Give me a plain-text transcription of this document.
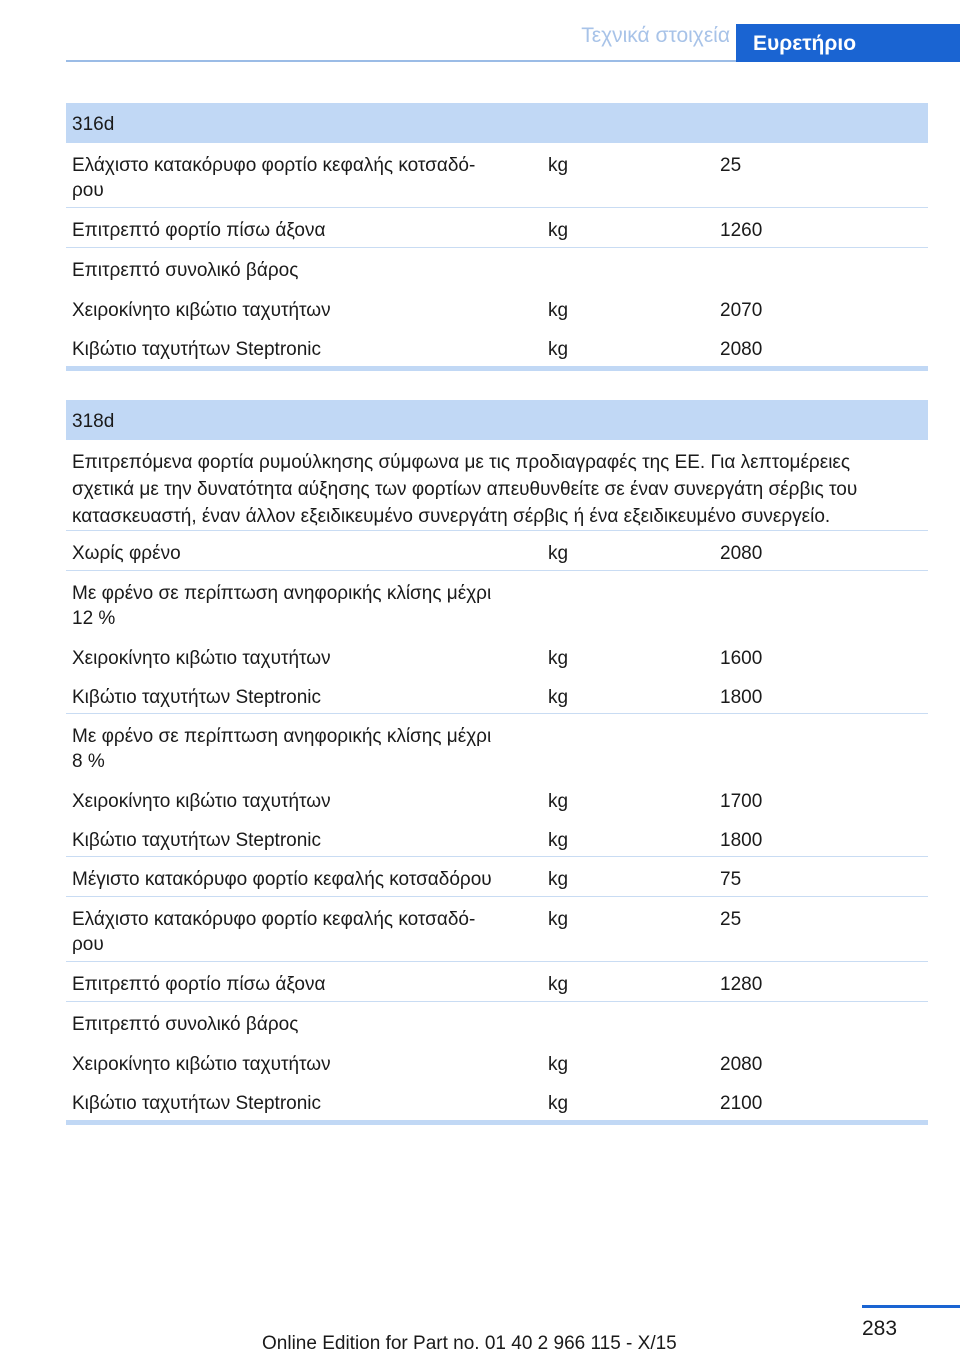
Τεχνικά στοιχεία	Ευρετήριο
316d
Ελάχιστο κατακόρυφο φορτίο κεφαλής κοτσαδό-
ρου
kg	25
Επιτρεπτό φορτίο πίσω άξονα	kg	1260
Επιτρεπτό συνολικό βάρος
Χειροκίνητο κιβώτιο ταχυτήτων	kg	2070
Κιβώτιο ταχυτήτων Steptronic	kg	2080
318d
Επιτρεπόμενα φορτία ρυμούλκησης σύμφωνα με τις προδιαγραφές της ΕΕ. Για λεπτομέρειες σχετικά με την δυνατότητα αύξησης των φορτίων απευθυνθείτε σε έναν συνεργάτη σέρβις του κατασκευαστή, έναν άλλον εξειδικευμένο συνεργάτη σέρβις ή ένα εξειδικευμένο συνεργείο.
Χωρίς φρένο	kg	2080
Με φρένο σε περίπτωση ανηφορικής κλίσης μέχρι
12 %
Χειροκίνητο κιβώτιο ταχυτήτων	kg	1600
Κιβώτιο ταχυτήτων Steptronic	kg	1800
Με φρένο σε περίπτωση ανηφορικής κλίσης μέχρι
8 %
Χειροκίνητο κιβώτιο ταχυτήτων	kg	1700
Κιβώτιο ταχυτήτων Steptronic	kg	1800
Μέγιστο κατακόρυφο φορτίο κεφαλής κοτσαδόρου	kg	75
Ελάχιστο κατακόρυφο φορτίο κεφαλής κοτσαδό-
ρου
kg	25
Επιτρεπτό φορτίο πίσω άξονα	kg	1280
Επιτρεπτό συνολικό βάρος
Χειροκίνητο κιβώτιο ταχυτήτων	kg	2080
Κιβώτιο ταχυτήτων Steptronic	kg	2100
283
Online Edition for Part no. 01 40 2 966 115 - X/15
